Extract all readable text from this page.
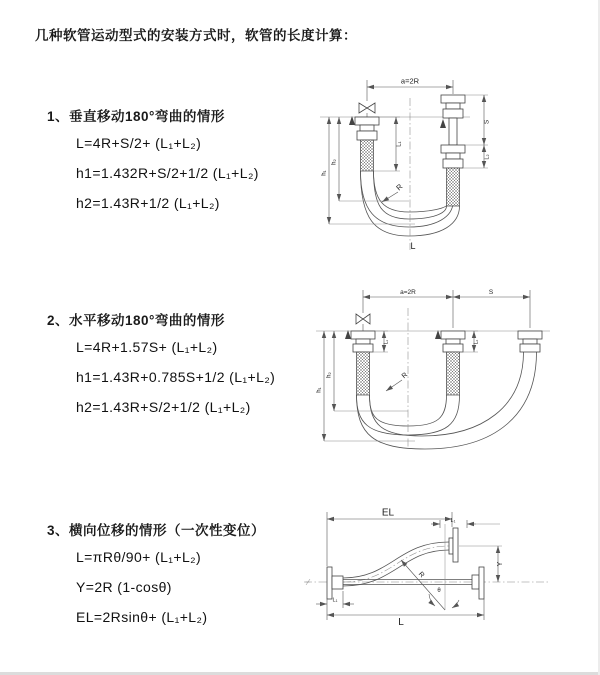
几种软管运动型式的安装方式时，软管的长度计算：
1、垂直移动180°弯曲的情形
L=4R+S/2+ (L₁+L₂)
h1=1.432R+S/2+1/2 (L₁+L₂)
h2=1.43R+1/2 (L₁+L₂)
2、水平移动180°弯曲的情形
L=4R+1.57S+ (L₁+L₂)
h1=1.43R+0.785S+1/2 (L₁+L₂)
h2=1.43R+S/2+1/2 (L₁+L₂)
3、横向位移的情形（一次性变位）
L=πRθ/90+ (L₁+L₂)
Y=2R (1-cosθ)
EL=2Rsinθ+ (L₁+L₂)
a=2R
L₁
S
L₂
h₁
h₂
R
L
a=2R	S
L₁	L₂
h₁
h₂	R
EL
L₁
Y
L
L₁
R
θ
